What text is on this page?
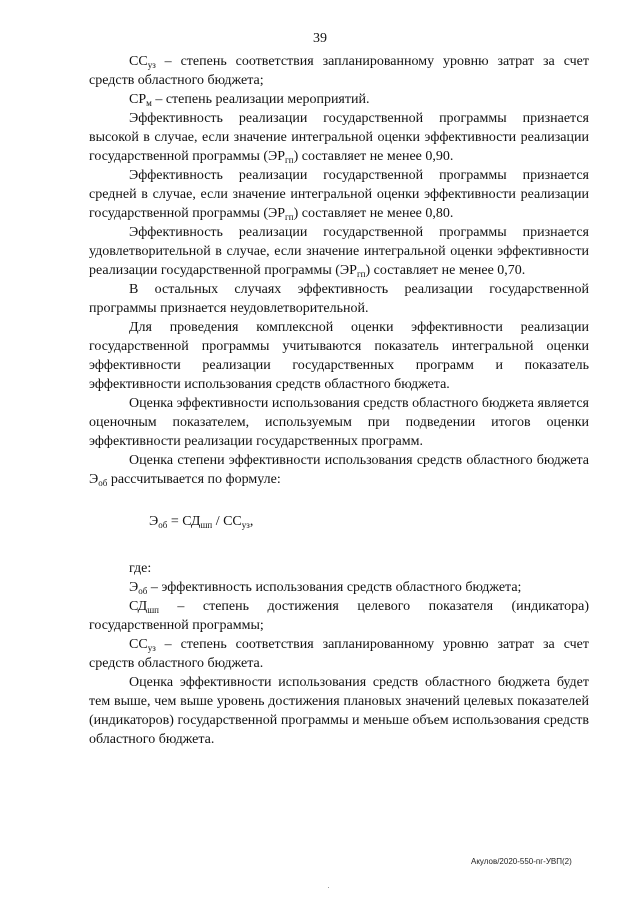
39

$СС_{уз}$ – степень соответствия запланированному уровню затрат за счет средств областного бюджета;

$СР_м$ – степень реализации мероприятий.

Эффективность реализации государственной программы признается высокой в случае, если значение интегральной оценки эффективности реализации государственной программы $(ЭР_{гп})$ составляет не менее 0,90.

Эффективность реализации государственной программы признается средней в случае, если значение интегральной оценки эффективности реализации государственной программы $(ЭР_{гп})$ составляет не менее 0,80.

Эффективность реализации государственной программы признается удовлетворительной в случае, если значение интегральной оценки эффективности реализации государственной программы $(ЭР_{гп})$ составляет не менее 0,70.

В остальных случаях эффективность реализации государственной программы признается неудовлетворительной.

Для проведения комплексной оценки эффективности реализации государственной программы учитываются показатель интегральной оценки эффективности реализации государственных программ и показатель эффективности использования средств областного бюджета.

Оценка эффективности использования средств областного бюджета является оценочным показателем, используемым при подведении итогов оценки эффективности реализации государственных программ.

Оценка степени эффективности использования средств областного бюджета $Э_{об}$ рассчитывается по формуле:

$Э_{об} = СД_{шп} / СС_{уз}$,

где:

$Э_{об}$ – эффективность использования средств областного бюджета;

$СД_{шп}$ – степень достижения целевого показателя (индикатора) государственной программы;

$СС_{уз}$ – степень соответствия запланированному уровню затрат за счет средств областного бюджета.

Оценка эффективности использования средств областного бюджета будет тем выше, чем выше уровень достижения плановых значений целевых показателей (индикаторов) государственной программы и меньше объем использования средств областного бюджета.

Акулов/2020-550-пг-УВП(2)
